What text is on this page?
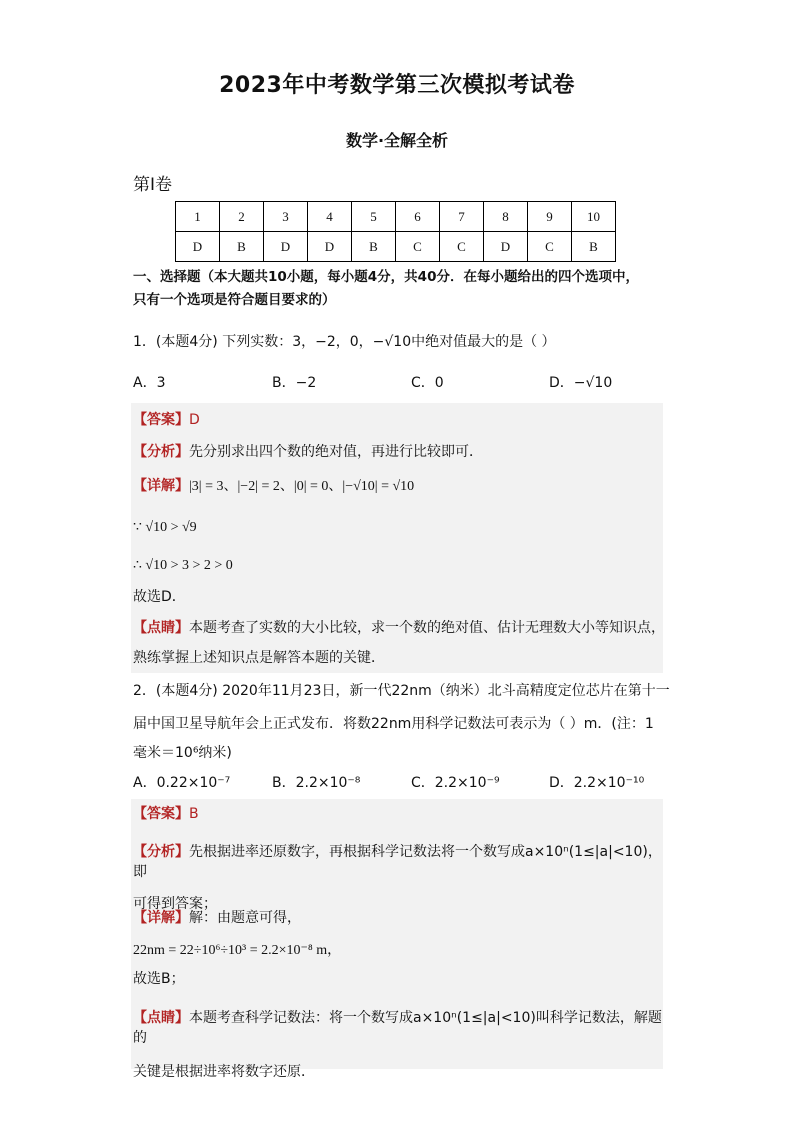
2023年中考数学第三次模拟考试卷
数学·全解全析
第Ⅰ卷
1	2	3	4	5	6	7	8	9	10
D	B	D	D	B	C	C	D	C	B
一、选择题（本大题共10小题，每小题4分，共40分．在每小题给出的四个选项中，
只有一个选项是符合题目要求的）
1．(本题4分) 下列实数：3，−2，0，−√10中绝对值最大的是（ ）
A．3	B．−2	C．0	D．−√10
【答案】D
【分析】先分别求出四个数的绝对值，再进行比较即可．
【详解】|3| = 3、|−2| = 2、|0| = 0、|−√10| = √10
∵ √10 > √9
∴ √10 > 3 > 2 > 0
故选D．
【点睛】本题考查了实数的大小比较，求一个数的绝对值、估计无理数大小等知识点，
熟练掌握上述知识点是解答本题的关键．
2．(本题4分) 2020年11月23日，新一代22nm（纳米）北斗高精度定位芯片在第十一
届中国卫星导航年会上正式发布．将数22nm用科学记数法可表示为（ ）m．(注：1
毫米＝10⁶纳米)
A．0.22×10⁻⁷	B．2.2×10⁻⁸	C．2.2×10⁻⁹	D．2.2×10⁻¹⁰
【答案】B
【分析】先根据进率还原数字，再根据科学记数法将一个数写成a×10ⁿ(1≤|a|<10)，即
可得到答案；
【详解】解：由题意可得，
22nm = 22÷10⁶÷10³ = 2.2×10⁻⁸ m，
故选B；
【点睛】本题考查科学记数法：将一个数写成a×10ⁿ(1≤|a|<10)叫科学记数法，解题的
关键是根据进率将数字还原．
